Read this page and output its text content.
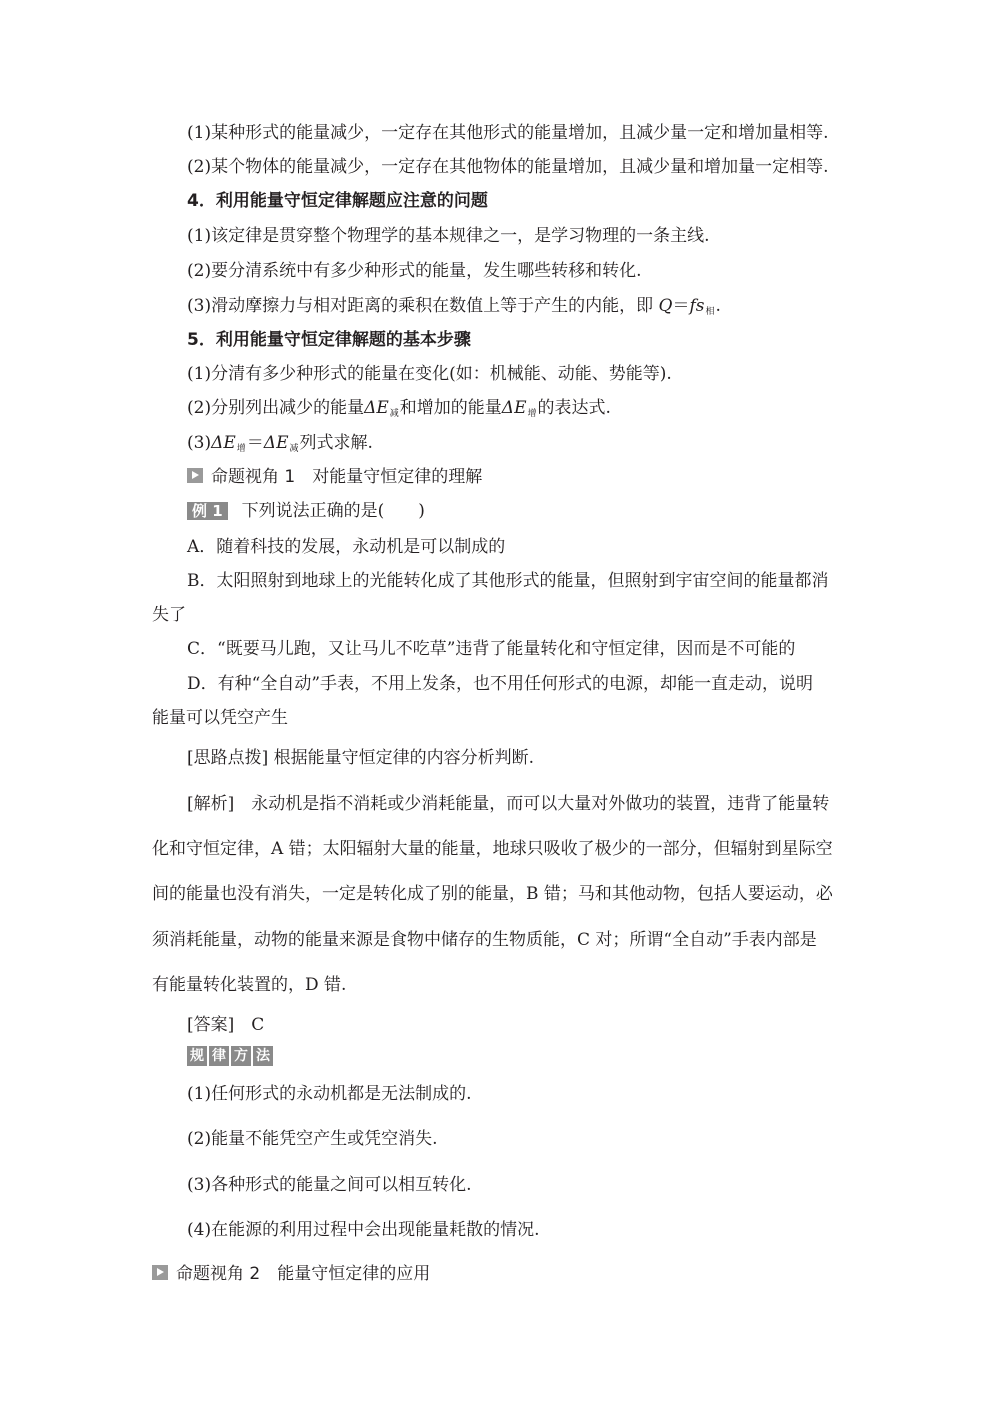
(1)某种形式的能量减少，一定存在其他形式的能量增加，且减少量一定和增加量相等.
(2)某个物体的能量减少，一定存在其他物体的能量增加，且减少量和增加量一定相等.
4．利用能量守恒定律解题应注意的问题
(1)该定律是贯穿整个物理学的基本规律之一，是学习物理的一条主线.
(2)要分清系统中有多少种形式的能量，发生哪些转移和转化.
(3)滑动摩擦力与相对距离的乘积在数值上等于产生的内能，即 Q＝fs相.
5．利用能量守恒定律解题的基本步骤
(1)分清有多少种形式的能量在变化(如：机械能、动能、势能等).
(2)分别列出减少的能量ΔE减和增加的能量ΔE增的表达式.
(3)ΔE增＝ΔE减列式求解.
命题视角 1　对能量守恒定律的理解
例 1 下列说法正确的是(　　)
A．随着科技的发展，永动机是可以制成的
B．太阳照射到地球上的光能转化成了其他形式的能量，但照射到宇宙空间的能量都消
失了
C．“既要马儿跑，又让马儿不吃草”违背了能量转化和守恒定律，因而是不可能的
D．有种“全自动”手表，不用上发条，也不用任何形式的电源，却能一直走动，说明
能量可以凭空产生
[思路点拨] 根据能量守恒定律的内容分析判断.
[解析]　永动机是指不消耗或少消耗能量，而可以大量对外做功的装置，违背了能量转
化和守恒定律，A 错；太阳辐射大量的能量，地球只吸收了极少的一部分，但辐射到星际空
间的能量也没有消失，一定是转化成了别的能量，B 错；马和其他动物，包括人要运动，必
须消耗能量，动物的能量来源是食物中储存的生物质能，C 对；所谓“全自动”手表内部是
有能量转化装置的，D 错.
[答案]　C
规 律 方 法
(1)任何形式的永动机都是无法制成的.
(2)能量不能凭空产生或凭空消失.
(3)各种形式的能量之间可以相互转化.
(4)在能源的利用过程中会出现能量耗散的情况.
命题视角 2　能量守恒定律的应用
